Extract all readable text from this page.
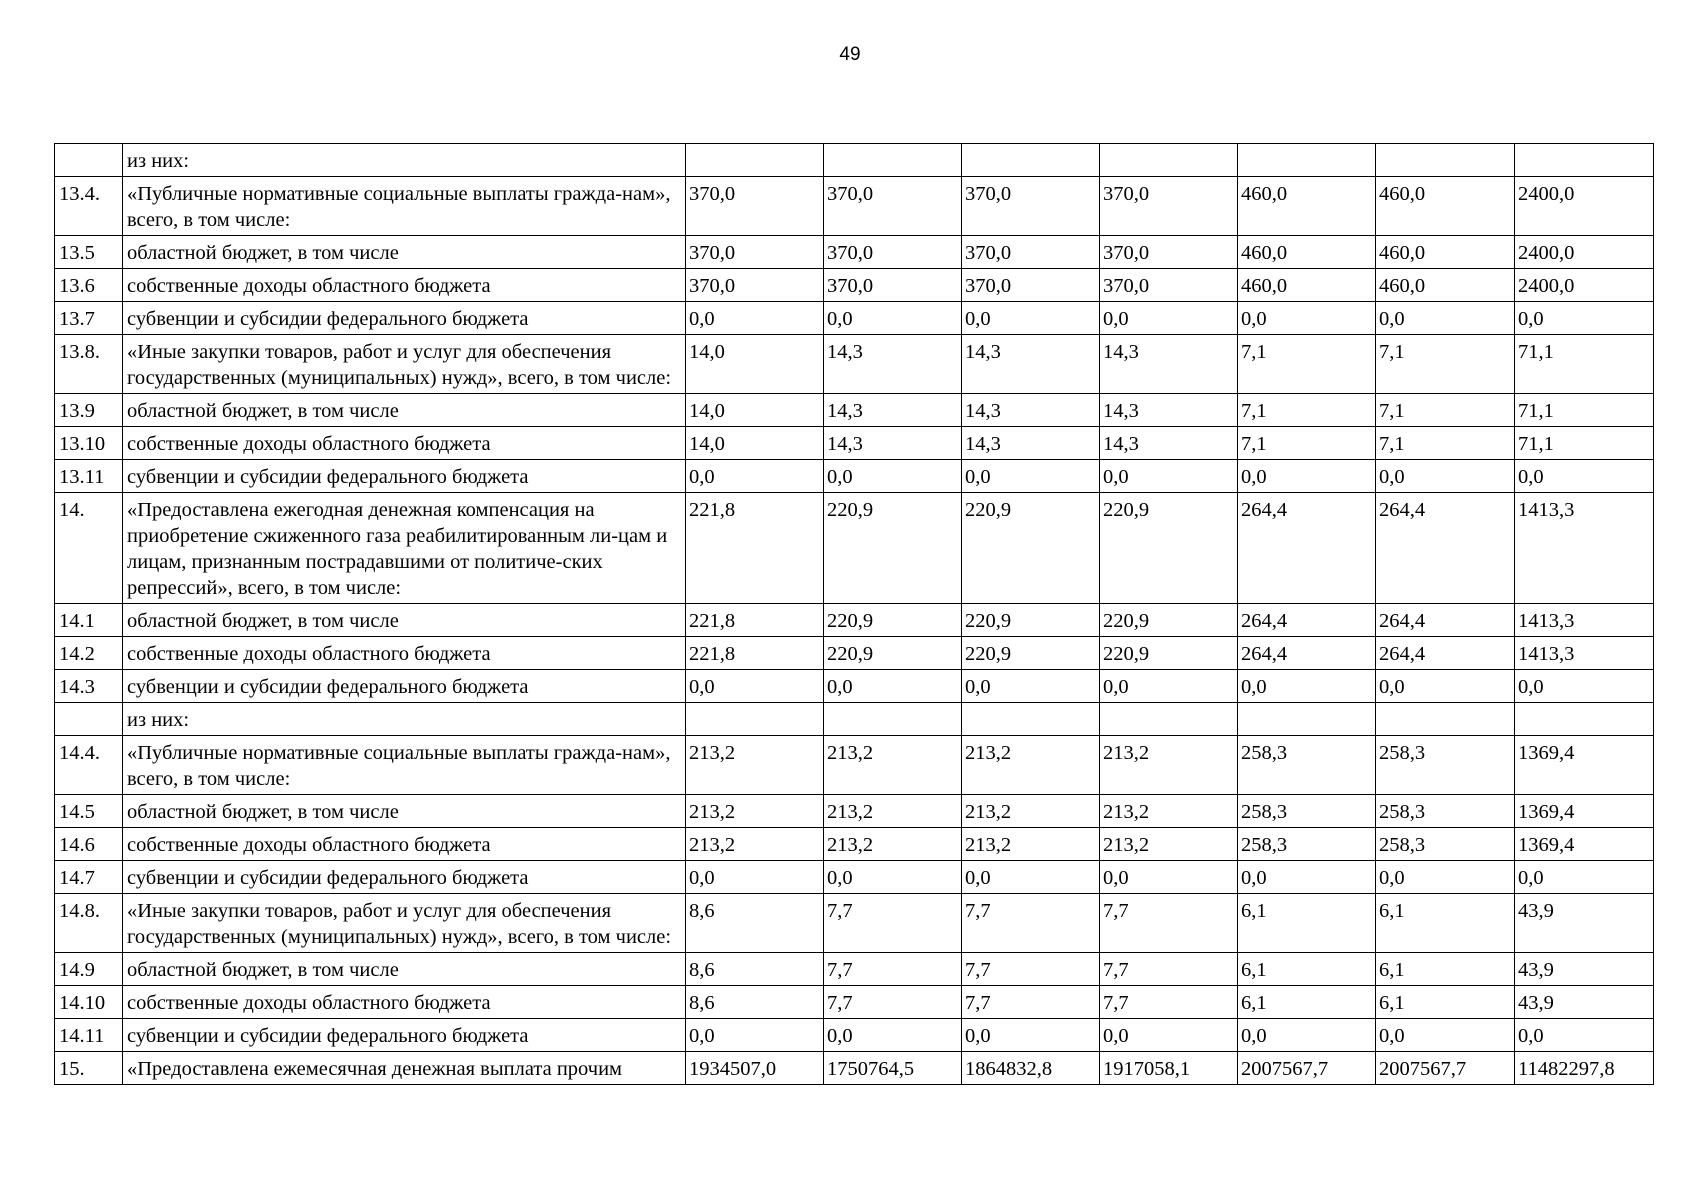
49
	из них:							
13.4.	«Публичные нормативные социальные выплаты гражда-нам», всего, в том числе:	370,0	370,0	370,0	370,0	460,0	460,0	2400,0
13.5	областной бюджет, в том числе	370,0	370,0	370,0	370,0	460,0	460,0	2400,0
13.6	собственные доходы областного бюджета	370,0	370,0	370,0	370,0	460,0	460,0	2400,0
13.7	субвенции и субсидии федерального бюджета	0,0	0,0	0,0	0,0	0,0	0,0	0,0
13.8.	«Иные закупки товаров, работ и услуг для обеспечения государственных (муниципальных) нужд», всего, в том числе:	14,0	14,3	14,3	14,3	7,1	7,1	71,1
13.9	областной бюджет, в том числе	14,0	14,3	14,3	14,3	7,1	7,1	71,1
13.10	собственные доходы областного бюджета	14,0	14,3	14,3	14,3	7,1	7,1	71,1
13.11	субвенции и субсидии федерального бюджета	0,0	0,0	0,0	0,0	0,0	0,0	0,0
14.	«Предоставлена ежегодная денежная компенсация на приобретение сжиженного газа реабилитированным ли-цам и лицам, признанным пострадавшими от политиче-ских репрессий», всего, в том числе:	221,8	220,9	220,9	220,9	264,4	264,4	1413,3
14.1	областной бюджет, в том числе	221,8	220,9	220,9	220,9	264,4	264,4	1413,3
14.2	собственные доходы областного бюджета	221,8	220,9	220,9	220,9	264,4	264,4	1413,3
14.3	субвенции и субсидии федерального бюджета	0,0	0,0	0,0	0,0	0,0	0,0	0,0
	из них:							
14.4.	«Публичные нормативные социальные выплаты гражда-нам», всего, в том числе:	213,2	213,2	213,2	213,2	258,3	258,3	1369,4
14.5	областной бюджет, в том числе	213,2	213,2	213,2	213,2	258,3	258,3	1369,4
14.6	собственные доходы областного бюджета	213,2	213,2	213,2	213,2	258,3	258,3	1369,4
14.7	субвенции и субсидии федерального бюджета	0,0	0,0	0,0	0,0	0,0	0,0	0,0
14.8.	«Иные закупки товаров, работ и услуг для обеспечения государственных (муниципальных) нужд», всего, в том числе:	8,6	7,7	7,7	7,7	6,1	6,1	43,9
14.9	областной бюджет, в том числе	8,6	7,7	7,7	7,7	6,1	6,1	43,9
14.10	собственные доходы областного бюджета	8,6	7,7	7,7	7,7	6,1	6,1	43,9
14.11	субвенции и субсидии федерального бюджета	0,0	0,0	0,0	0,0	0,0	0,0	0,0
15.	«Предоставлена ежемесячная денежная выплата прочим	1934507,0	1750764,5	1864832,8	1917058,1	2007567,7	2007567,7	11482297,8
